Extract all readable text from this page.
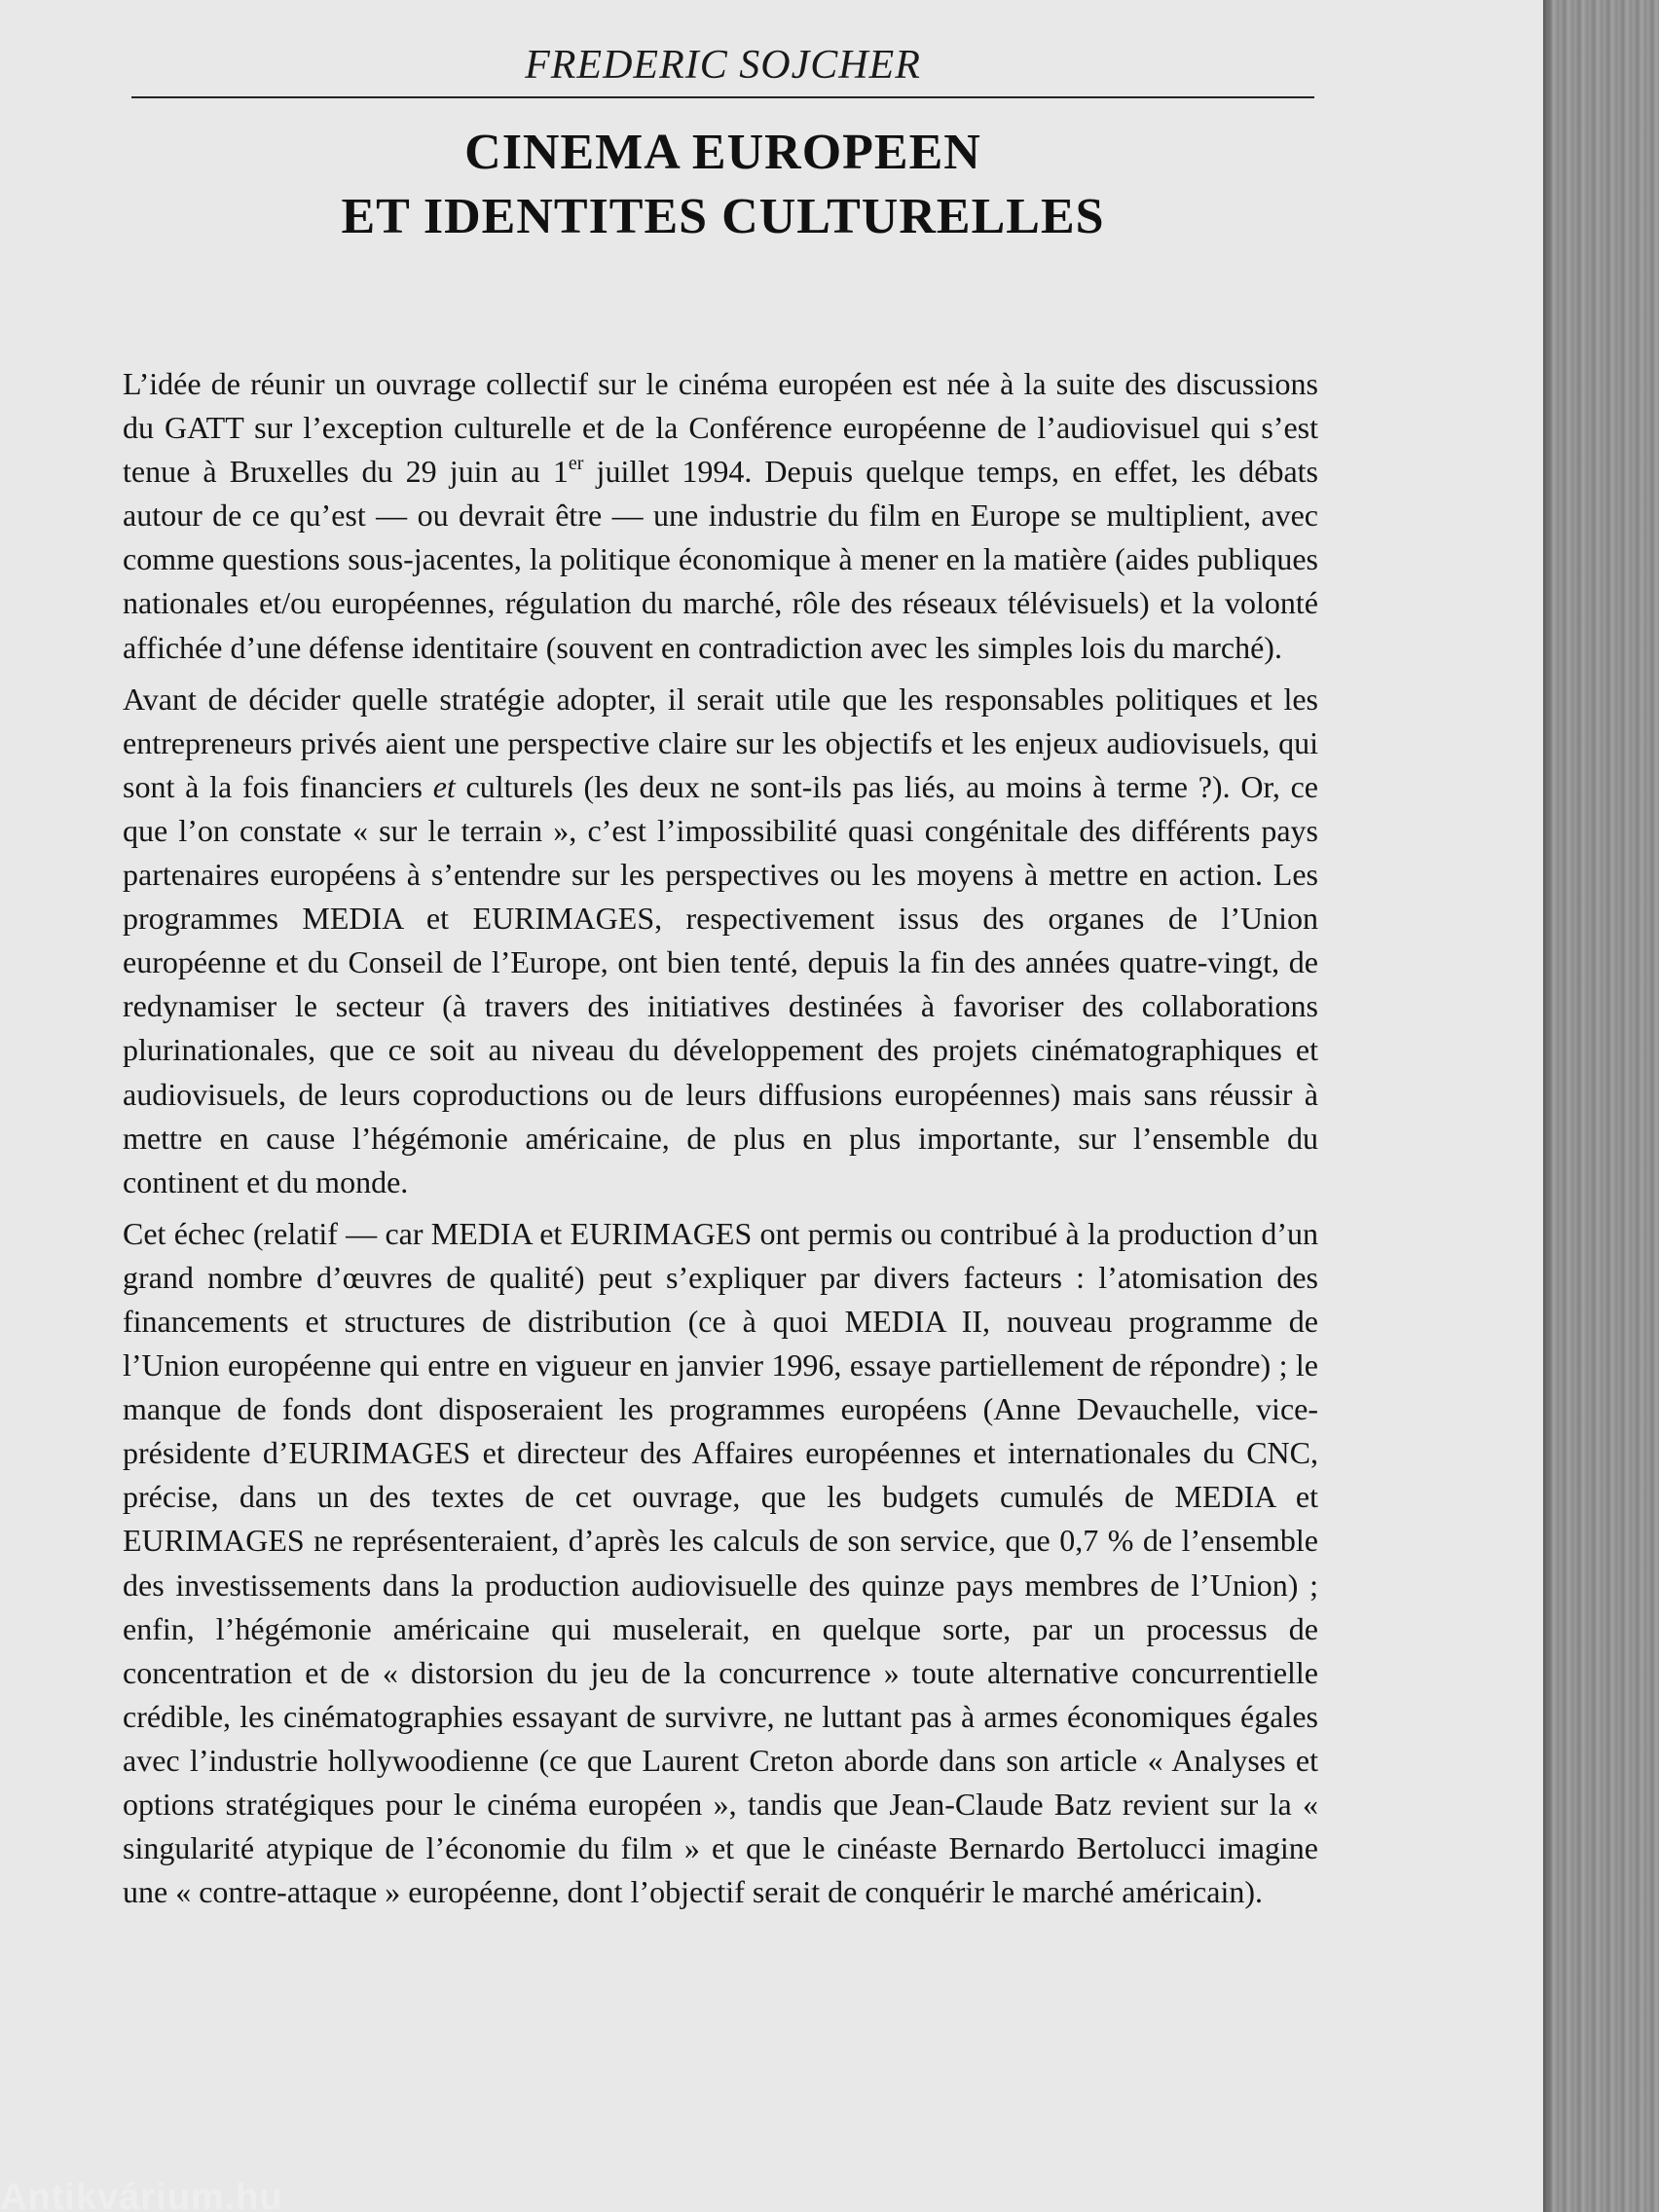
FREDERIC SOJCHER
CINEMA EUROPEEN
ET IDENTITES CULTURELLES

L’idée de réunir un ouvrage collectif sur le cinéma européen est née à la suite des discussions du GATT sur l’exception culturelle et de la Conférence européenne de l’audiovisuel qui s’est tenue à Bruxelles du 29 juin au 1er juillet 1994. Depuis quelque temps, en effet, les débats autour de ce qu’est — ou devrait être — une industrie du film en Europe se multiplient, avec comme questions sous-jacentes, la politique économique à mener en la matière (aides publiques nationales et/ou européennes, régulation du marché, rôle des réseaux télévisuels) et la volonté affichée d’une défense identitaire (souvent en contradiction avec les simples lois du marché).

Avant de décider quelle stratégie adopter, il serait utile que les responsables politiques et les entrepreneurs privés aient une perspective claire sur les objectifs et les enjeux audiovisuels, qui sont à la fois financiers et culturels (les deux ne sont-ils pas liés, au moins à terme ?). Or, ce que l’on constate « sur le terrain », c’est l’impossibilité quasi congénitale des différents pays partenaires européens à s’entendre sur les perspectives ou les moyens à mettre en action. Les programmes MEDIA et EURIMAGES, respectivement issus des organes de l’Union européenne et du Conseil de l’Europe, ont bien tenté, depuis la fin des années quatre-vingt, de redynamiser le secteur (à travers des initiatives destinées à favoriser des collaborations plurinationales, que ce soit au niveau du développement des projets cinématographiques et audiovisuels, de leurs coproductions ou de leurs diffusions européennes) mais sans réussir à mettre en cause l’hégémonie américaine, de plus en plus importante, sur l’ensemble du continent et du monde.

Cet échec (relatif — car MEDIA et EURIMAGES ont permis ou contribué à la production d’un grand nombre d’œuvres de qualité) peut s’expliquer par divers facteurs : l’atomisation des financements et structures de distribution (ce à quoi MEDIA II, nouveau programme de l’Union européenne qui entre en vigueur en janvier 1996, essaye partiellement de répondre) ; le manque de fonds dont disposeraient les programmes européens (Anne Devauchelle, vice-présidente d’EURIMAGES et directeur des Affaires européennes et internationales du CNC, précise, dans un des textes de cet ouvrage, que les budgets cumulés de MEDIA et EURIMAGES ne représenteraient, d’après les calculs de son service, que 0,7 % de l’ensemble des investissements dans la production audiovisuelle des quinze pays membres de l’Union) ; enfin, l’hégémonie américaine qui muselerait, en quelque sorte, par un processus de concentration et de « distorsion du jeu de la concurrence » toute alternative concurrentielle crédible, les cinématographies essayant de survivre, ne luttant pas à armes économiques égales avec l’industrie hollywoodienne (ce que Laurent Creton aborde dans son article « Analyses et options stratégiques pour le cinéma européen », tandis que Jean-Claude Batz revient sur la « singularité atypique de l’économie du film » et que le cinéaste Bernardo Bertolucci imagine une « contre-attaque » européenne, dont l’objectif serait de conquérir le marché américain).

Antikvárium.hu
